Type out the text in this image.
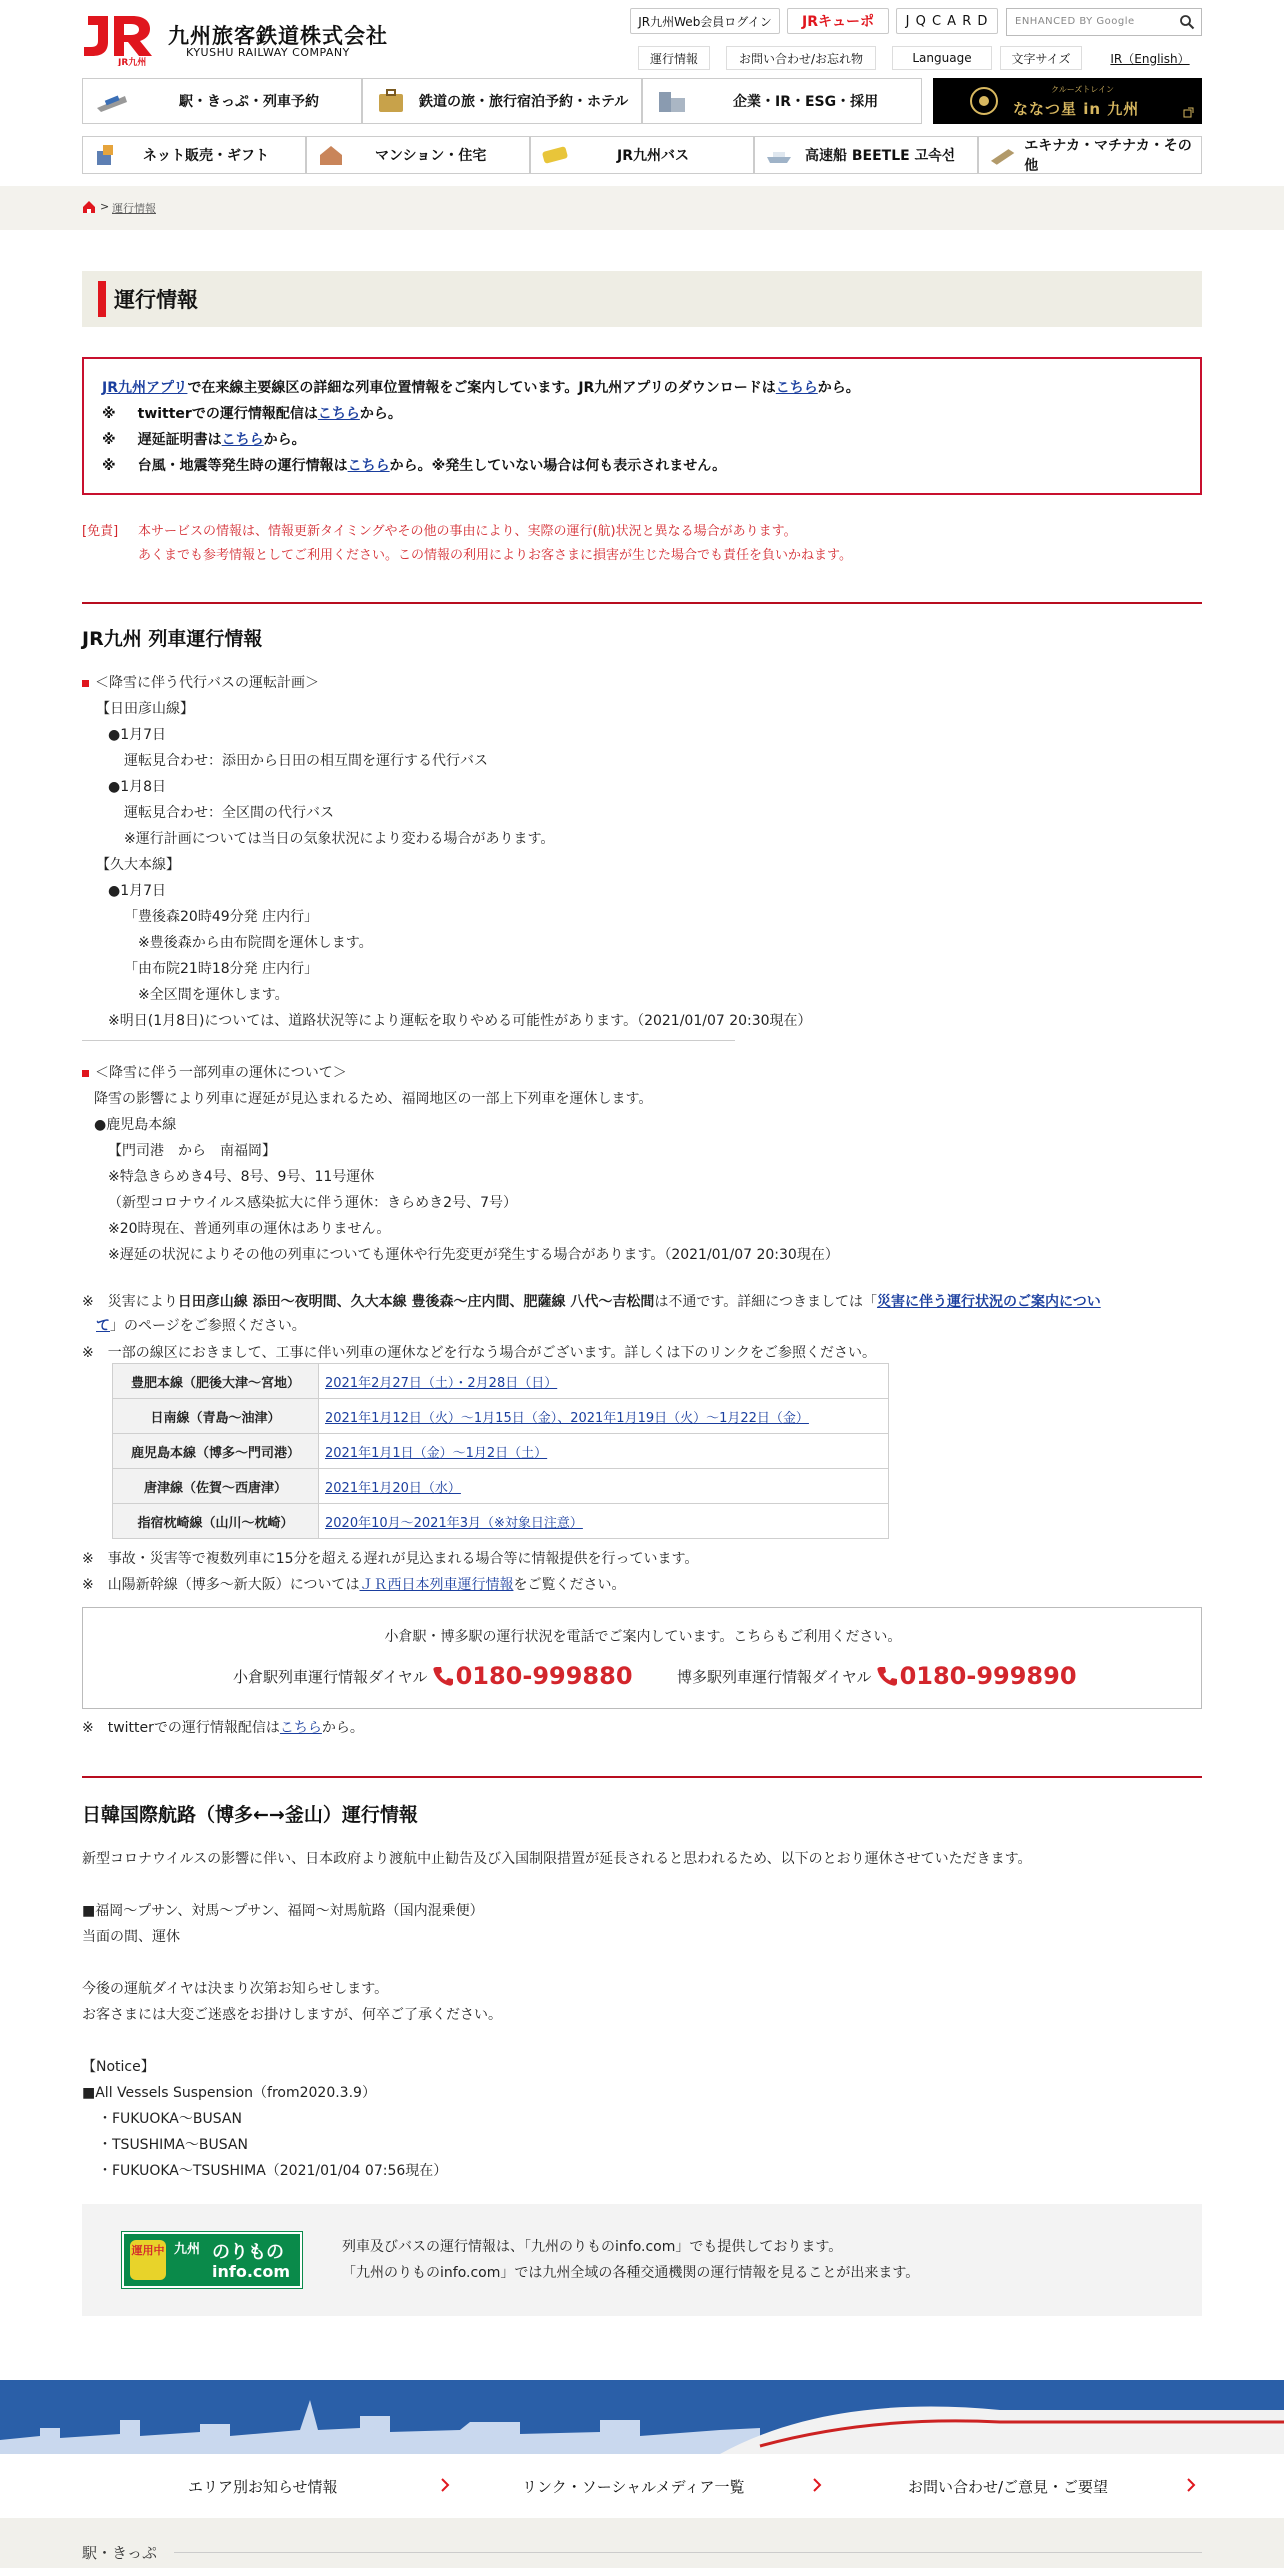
JR九州
九州旅客鉄道株式会社
KYUSHU RAILWAY COMPANY
JR九州Web会員ログイン	JRキューポ	J Q C A R D	ENHANCED BY Google
運行情報	お問い合わせ/お忘れ物	Language	文字サイズ	IR（English）
駅・きっぷ・列車予約	鉄道の旅・旅行宿泊予約・ホテル	企業・IR・ESG・採用
クルーズトレイン
ななつ星 in 九州
ネット販売・ギフト	マンション・住宅	JR九州バス	高速船 BEETLE 고속선
エキナカ・マチナカ・その他
> 運行情報
運行情報
JR九州アプリで在来線主要線区の詳細な列車位置情報をご案内しています。JR九州アプリのダウンロードはこちらから。
※ twitterでの運行情報配信はこちらから。
※ 遅延証明書はこちらから。
※ 台風・地震等発生時の運行情報はこちらから。※発生していない場合は何も表示されません。
[免責] 本サービスの情報は、情報更新タイミングやその他の事由により、実際の運行(航)状況と異なる場合があります。
あくまでも参考情報としてご利用ください。この情報の利用によりお客さまに損害が生じた場合でも責任を負いかねます。
JR九州 列車運行情報
＜降雪に伴う代行バスの運転計画＞
【日田彦山線】
●1月7日
運転見合わせ：添田から日田の相互間を運行する代行バス
●1月8日
運転見合わせ：全区間の代行バス
※運行計画については当日の気象状況により変わる場合があります。
【久大本線】
●1月7日
「豊後森20時49分発 庄内行」
※豊後森から由布院間を運休します。
「由布院21時18分発 庄内行」
※全区間を運休します。
※明日(1月8日)については、道路状況等により運転を取りやめる可能性があります。（2021/01/07 20:30現在）
＜降雪に伴う一部列車の運休について＞
降雪の影響により列車に遅延が見込まれるため、福岡地区の一部上下列車を運休します。
●鹿児島本線
【門司港　から　南福岡】
※特急きらめき4号、8号、9号、11号運休
（新型コロナウイルス感染拡大に伴う運休：きらめき2号、7号）
※20時現在、普通列車の運休はありません。
※遅延の状況によりその他の列車についても運休や行先変更が発生する場合があります。（2021/01/07 20:30現在）
※　災害により日田彦山線 添田～夜明間、久大本線 豊後森～庄内間、肥薩線 八代～吉松間は不通です。詳細につきましては「災害に伴う運行状況のご案内につい
て」のページをご参照ください。
※　一部の線区におきまして、工事に伴い列車の運休などを行なう場合がございます。詳しくは下のリンクをご参照ください。
豊肥本線（肥後大津～宮地）	2021年2月27日（土）・2月28日（日）
日南線（青島～油津）	2021年1月12日（火）～1月15日（金）、2021年1月19日（火）～1月22日（金）
鹿児島本線（博多～門司港）	2021年1月1日（金）～1月2日（土）
唐津線（佐賀～西唐津）	2021年1月20日（水）
指宿枕崎線（山川～枕崎）	2020年10月～2021年3月（※対象日注意）
※　事故・災害等で複数列車に15分を超える遅れが見込まれる場合等に情報提供を行っています。
※　山陽新幹線（博多～新大阪）についてはＪＲ西日本列車運行情報をご覧ください。
小倉駅・博多駅の運行状況を電話でご案内しています。こちらもご利用ください。
小倉駅列車運行情報ダイヤル 0180-999880	博多駅列車運行情報ダイヤル 0180-999890
※　twitterでの運行情報配信はこちらから。
日韓国際航路（博多←→釜山）運行情報
新型コロナウイルスの影響に伴い、日本政府より渡航中止勧告及び入国制限措置が延長されると思われるため、以下のとおり運休させていただきます。
■福岡〜プサン、対馬〜プサン、福岡〜対馬航路（国内混乗便）
当面の間、運休
今後の運航ダイヤは決まり次第お知らせします。
お客さまには大変ご迷惑をお掛けしますが、何卒ご了承ください。
【Notice】
■All Vessels Suspension（from2020.3.9）
・FUKUOKA〜BUSAN
・TSUSHIMA〜BUSAN
・FUKUOKA〜TSUSHIMA（2021/01/04 07:56現在）
運用中 九州 のりもの
info.com
列車及びバスの運行情報は、「九州のりものinfo.com」でも提供しております。
「九州のりものinfo.com」では九州全域の各種交通機関の運行情報を見ることが出来ます。
エリア別お知らせ情報	リンク・ソーシャルメディア一覧	お問い合わせ/ご意見・ご要望
駅・きっぷ
